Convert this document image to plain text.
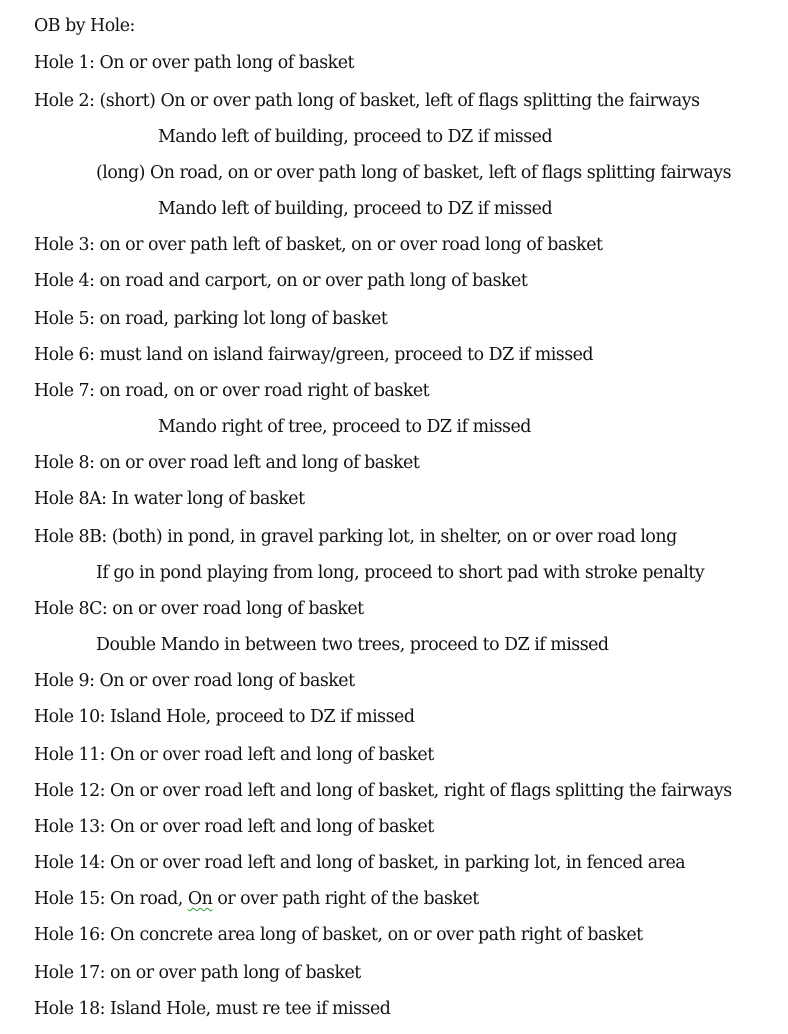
OB by Hole:
Hole 1: On or over path long of basket
Hole 2: (short) On or over path long of basket, left of flags splitting the fairways
Mando left of building, proceed to DZ if missed
(long) On road, on or over path long of basket, left of flags splitting fairways
Mando left of building, proceed to DZ if missed
Hole 3: on or over path left of basket, on or over road long of basket
Hole 4: on road and carport, on or over path long of basket
Hole 5: on road, parking lot long of basket
Hole 6: must land on island fairway/green, proceed to DZ if missed
Hole 7: on road, on or over road right of basket
Mando right of tree, proceed to DZ if missed
Hole 8: on or over road left and long of basket
Hole 8A: In water long of basket
Hole 8B: (both) in pond, in gravel parking lot, in shelter, on or over road long
If go in pond playing from long, proceed to short pad with stroke penalty
Hole 8C: on or over road long of basket
Double Mando in between two trees, proceed to DZ if missed
Hole 9: On or over road long of basket
Hole 10: Island Hole, proceed to DZ if missed
Hole 11: On or over road left and long of basket
Hole 12: On or over road left and long of basket, right of flags splitting the fairways
Hole 13: On or over road left and long of basket
Hole 14: On or over road left and long of basket, in parking lot, in fenced area
Hole 15: On road, On or over path right of the basket
Hole 16: On concrete area long of basket, on or over path right of basket
Hole 17: on or over path long of basket
Hole 18: Island Hole, must re tee if missed
